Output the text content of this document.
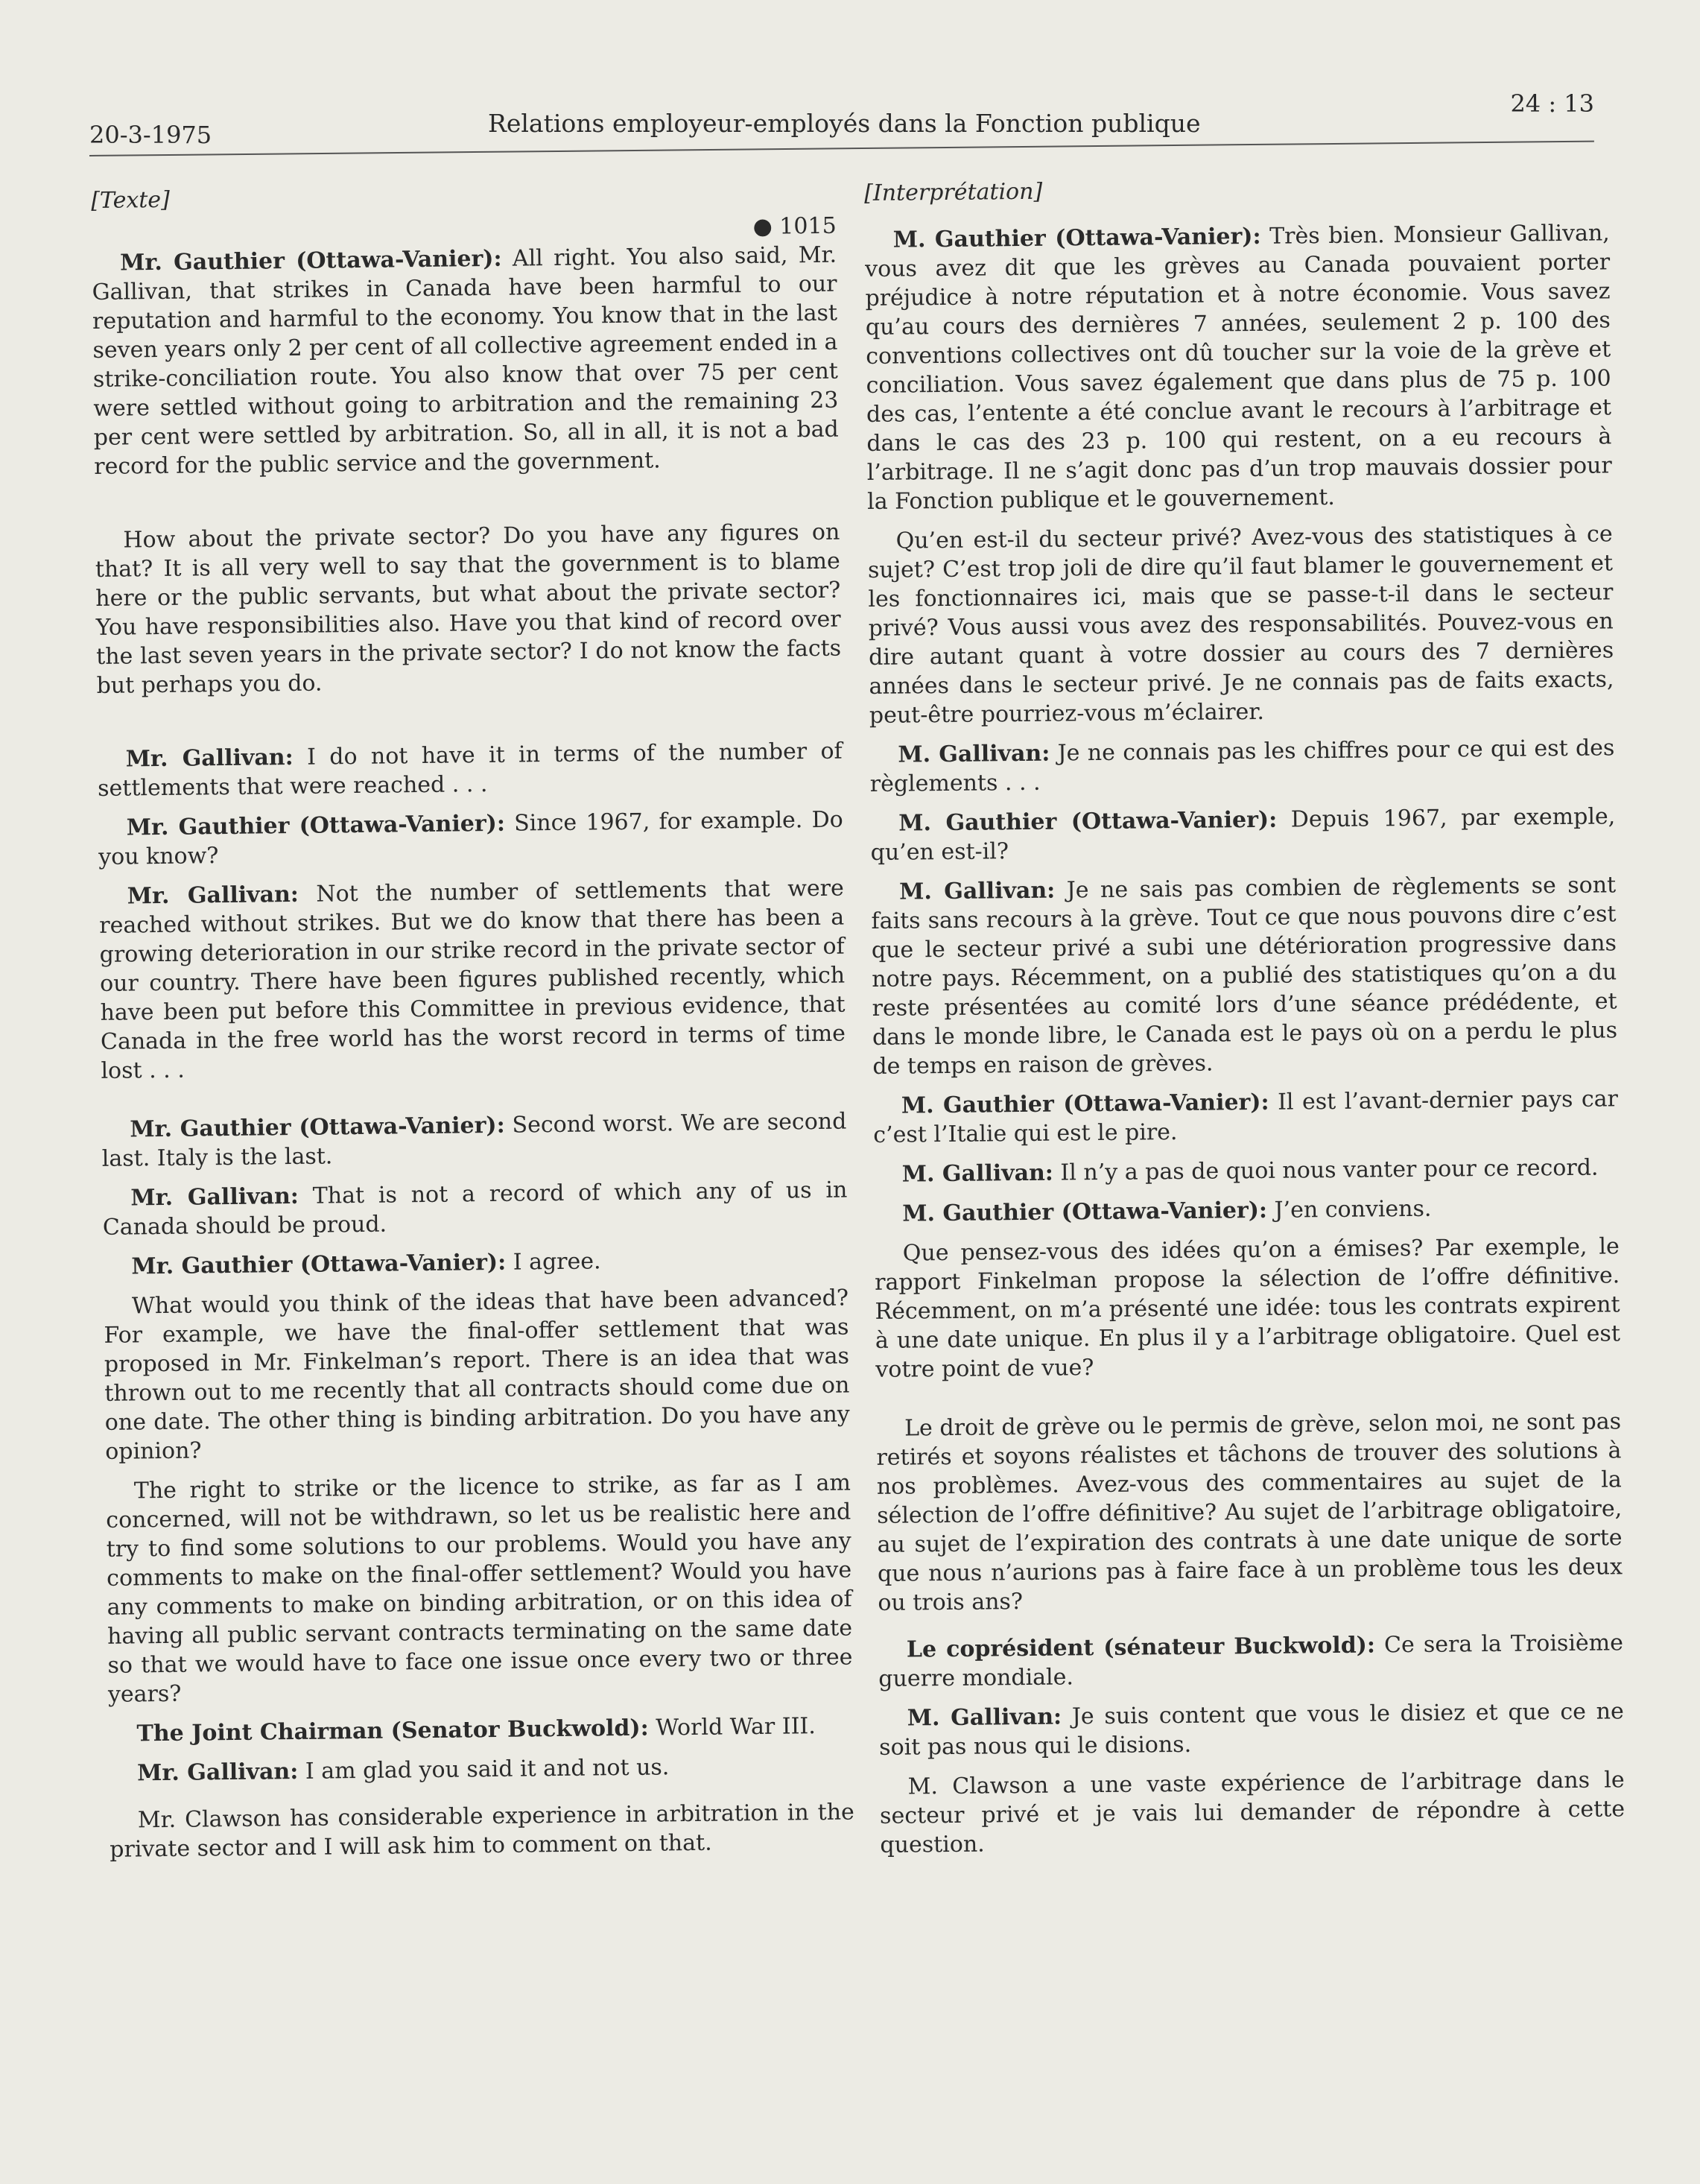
20-3-1975	Relations employeur-employés dans la Fonction publique
24 : 13
[Texte]
● 1015

Mr. Gauthier (Ottawa-Vanier): All right. You also said, Mr. Gallivan, that strikes in Canada have been harmful to our reputation and harmful to the economy. You know that in the last seven years only 2 per cent of all collective agreement ended in a strike-conciliation route. You also know that over 75 per cent were settled without going to arbitration and the remaining 23 per cent were settled by arbitration. So, all in all, it is not a bad record for the public service and the government.

How about the private sector? Do you have any figures on that? It is all very well to say that the government is to blame here or the public servants, but what about the private sector? You have responsibilities also. Have you that kind of record over the last seven years in the private sector? I do not know the facts but perhaps you do.

Mr. Gallivan: I do not have it in terms of the number of settlements that were reached . . .

Mr. Gauthier (Ottawa-Vanier): Since 1967, for example. Do you know?

Mr. Gallivan: Not the number of settlements that were reached without strikes. But we do know that there has been a growing deterioration in our strike record in the private sector of our country. There have been figures published recently, which have been put before this Committee in previous evidence, that Canada in the free world has the worst record in terms of time lost . . .

Mr. Gauthier (Ottawa-Vanier): Second worst. We are second last. Italy is the last.

Mr. Gallivan: That is not a record of which any of us in Canada should be proud.

Mr. Gauthier (Ottawa-Vanier): I agree.

What would you think of the ideas that have been advanced? For example, we have the final-offer settlement that was proposed in Mr. Finkelman’s report. There is an idea that was thrown out to me recently that all contracts should come due on one date. The other thing is binding arbitration. Do you have any opinion?

The right to strike or the licence to strike, as far as I am concerned, will not be withdrawn, so let us be realistic here and try to find some solutions to our problems. Would you have any comments to make on the final-offer settlement? Would you have any comments to make on binding arbitration, or on this idea of having all public servant contracts terminating on the same date so that we would have to face one issue once every two or three years?

The Joint Chairman (Senator Buckwold): World War III.

Mr. Gallivan: I am glad you said it and not us.

Mr. Clawson has considerable experience in arbitration in the private sector and I will ask him to comment on that.

[Interprétation]

M. Gauthier (Ottawa-Vanier): Très bien. Monsieur Gallivan, vous avez dit que les grèves au Canada pouvaient porter préjudice à notre réputation et à notre économie. Vous savez qu’au cours des dernières 7 années, seulement 2 p. 100 des conventions collectives ont dû toucher sur la voie de la grève et conciliation. Vous savez également que dans plus de 75 p. 100 des cas, l’entente a été conclue avant le recours à l’arbitrage et dans le cas des 23 p. 100 qui restent, on a eu recours à l’arbitrage. Il ne s’agit donc pas d’un trop mauvais dossier pour la Fonction publique et le gouvernement.

Qu’en est-il du secteur privé? Avez-vous des statistiques à ce sujet? C’est trop joli de dire qu’il faut blamer le gouvernement et les fonctionnaires ici, mais que se passe-t-il dans le secteur privé? Vous aussi vous avez des responsabilités. Pouvez-vous en dire autant quant à votre dossier au cours des 7 dernières années dans le secteur privé. Je ne connais pas de faits exacts, peut-être pourriez-vous m’éclairer.

M. Gallivan: Je ne connais pas les chiffres pour ce qui est des règlements . . .

M. Gauthier (Ottawa-Vanier): Depuis 1967, par exemple, qu’en est-il?

M. Gallivan: Je ne sais pas combien de règlements se sont faits sans recours à la grève. Tout ce que nous pouvons dire c’est que le secteur privé a subi une détérioration progressive dans notre pays. Récemment, on a publié des statistiques qu’on a du reste présentées au comité lors d’une séance prédédente, et dans le monde libre, le Canada est le pays où on a perdu le plus de temps en raison de grèves.

M. Gauthier (Ottawa-Vanier): Il est l’avant-dernier pays car c’est l’Italie qui est le pire.

M. Gallivan: Il n’y a pas de quoi nous vanter pour ce record.

M. Gauthier (Ottawa-Vanier): J’en conviens.

Que pensez-vous des idées qu’on a émises? Par exemple, le rapport Finkelman propose la sélection de l’offre définitive. Récemment, on m’a présenté une idée: tous les contrats expirent à une date unique. En plus il y a l’arbitrage obligatoire. Quel est votre point de vue?

Le droit de grève ou le permis de grève, selon moi, ne sont pas retirés et soyons réalistes et tâchons de trouver des solutions à nos problèmes. Avez-vous des commentaires au sujet de la sélection de l’offre définitive? Au sujet de l’arbitrage obligatoire, au sujet de l’expiration des contrats à une date unique de sorte que nous n’aurions pas à faire face à un problème tous les deux ou trois ans?

Le coprésident (sénateur Buckwold): Ce sera la Troisième guerre mondiale.

M. Gallivan: Je suis content que vous le disiez et que ce ne soit pas nous qui le disions.

M. Clawson a une vaste expérience de l’arbitrage dans le secteur privé et je vais lui demander de répondre à cette question.
